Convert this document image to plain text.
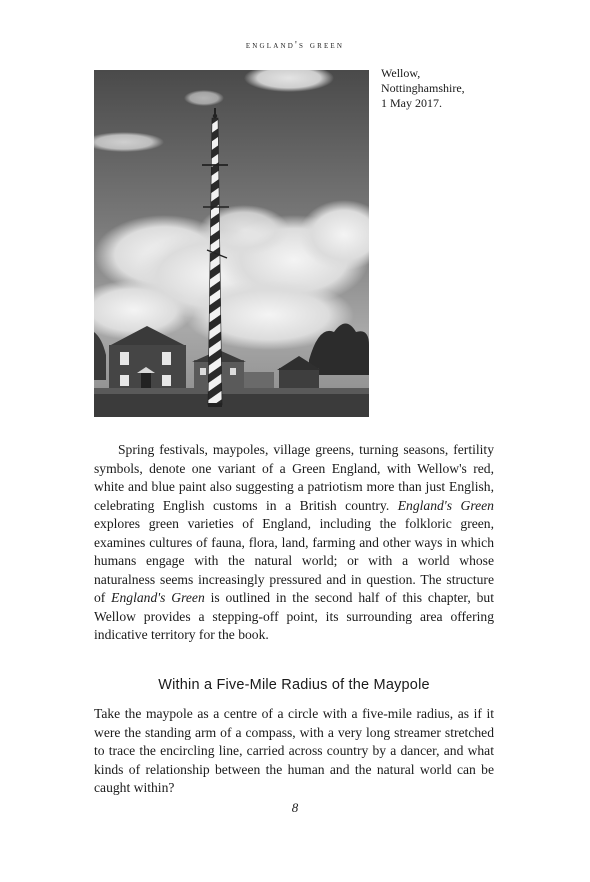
england's green
Wellow,
Nottinghamshire,
1 May 2017.

Spring festivals, maypoles, village greens, turning seasons, fertility symbols, denote one variant of a Green England, with Wellow's red, white and blue paint also suggesting a patriotism more than just English, celebrating English customs in a British country. England's Green explores green varieties of England, including the folkloric green, examines cultures of fauna, flora, land, farming and other ways in which humans engage with the natural world; or with a world whose naturalness seems increasingly pressured and in question. The structure of England's Green is outlined in the second half of this chapter, but Wellow provides a stepping-off point, its surrounding area offering indicative territory for the book.

Within a Five-Mile Radius of the Maypole

Take the maypole as a centre of a circle with a five-mile radius, as if it were the standing arm of a compass, with a very long streamer stretched to trace the encircling line, carried across country by a dancer, and what kinds of relationship between the human and the natural world can be caught within?

8
